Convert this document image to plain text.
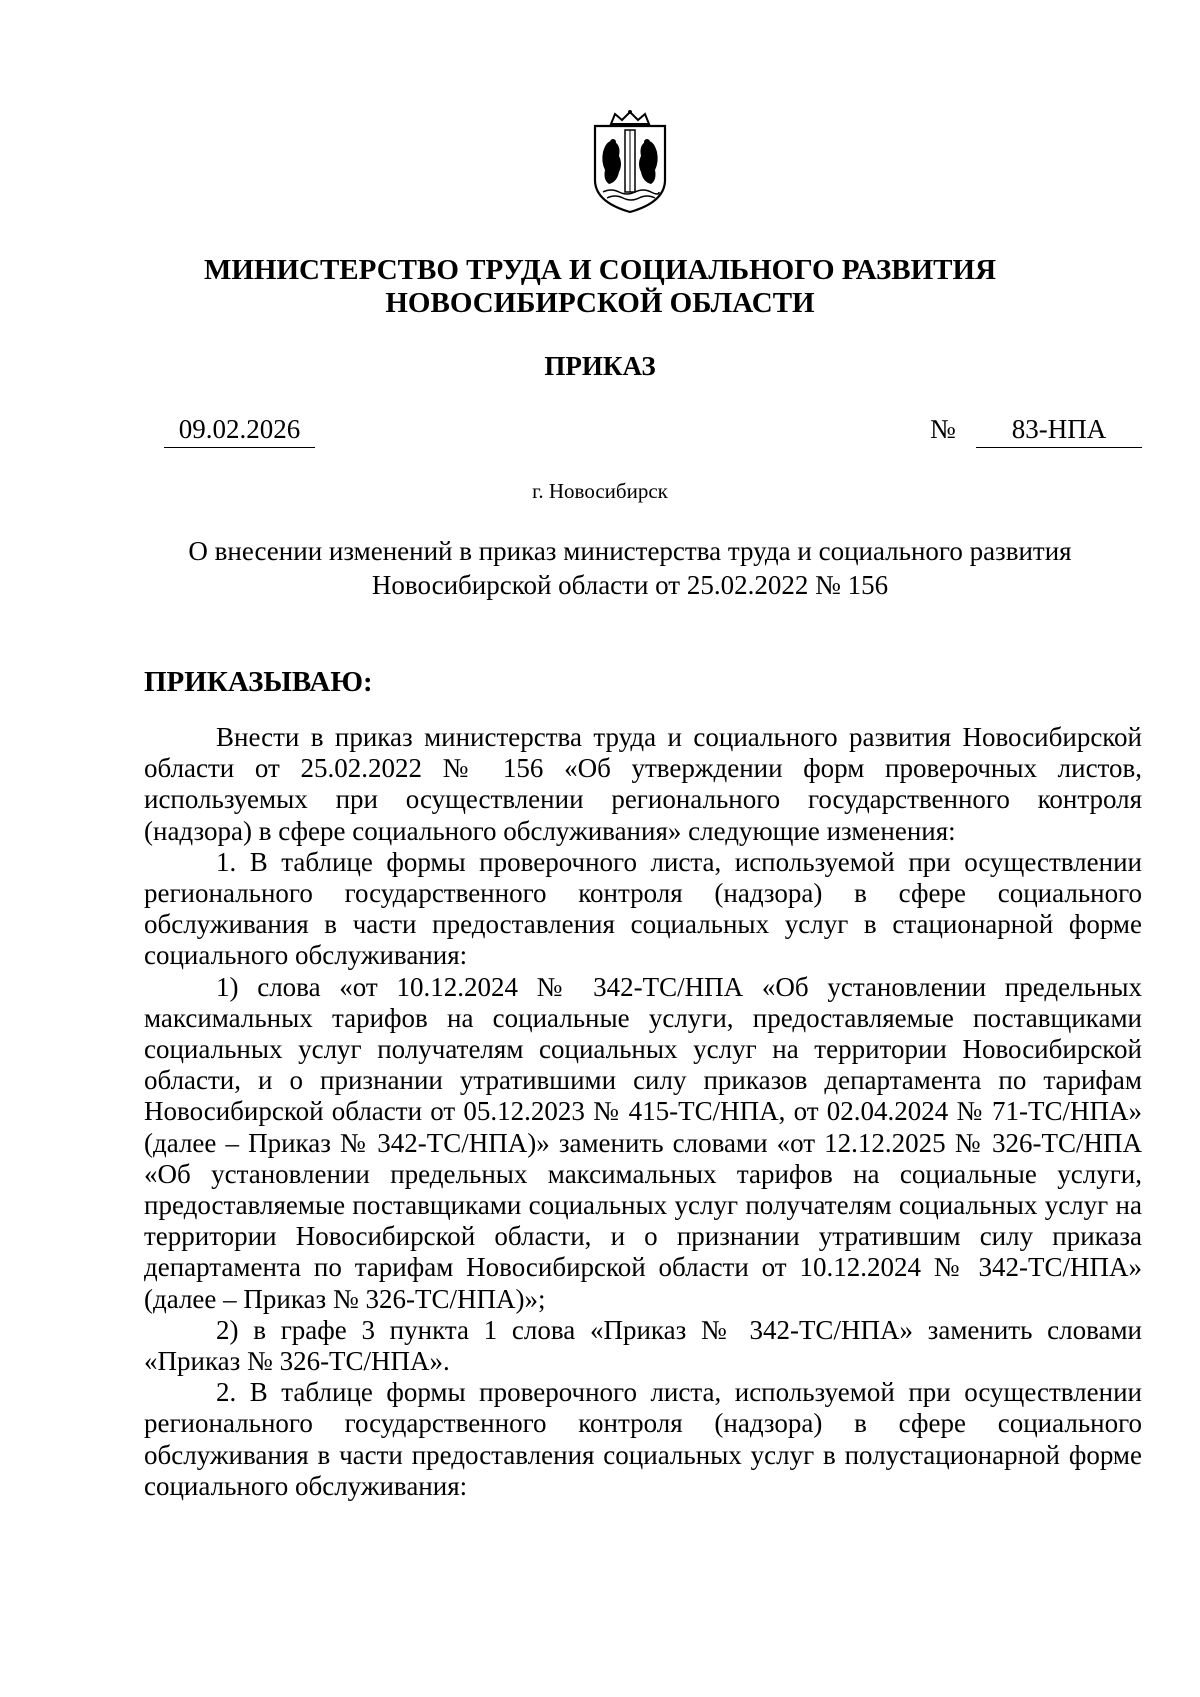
МИНИСТЕРСТВО ТРУДА И СОЦИАЛЬНОГО РАЗВИТИЯ
НОВОСИБИРСКОЙ ОБЛАСТИ
ПРИКАЗ
09.02.2026	№	83-НПА
г. Новосибирск
О внесении изменений в приказ министерства труда и социального развития
Новосибирской области от 25.02.2022 № 156
ПРИКАЗЫВАЮ:

Внести в приказ министерства труда и социального развития Новосибирской области от 25.02.2022 № 156 «Об утверждении форм проверочных листов, используемых при осуществлении регионального государственного контроля (надзора) в сфере социального обслуживания» следующие изменения:

1. В таблице формы проверочного листа, используемой при осуществлении регионального государственного контроля (надзора) в сфере социального обслуживания в части предоставления социальных услуг в стационарной форме социального обслуживания:

1) слова «от 10.12.2024 № 342-ТС/НПА «Об установлении предельных максимальных тарифов на социальные услуги, предоставляемые поставщиками социальных услуг получателям социальных услуг на территории Новосибирской области, и о признании утратившими силу приказов департамента по тарифам Новосибирской области от 05.12.2023 № 415-ТС/НПА, от 02.04.2024 № 71-ТС/НПА» (далее – Приказ № 342-ТС/НПА)» заменить словами «от 12.12.2025 № 326-ТС/НПА «Об установлении предельных максимальных тарифов на социальные услуги, предоставляемые поставщиками социальных услуг получателям социальных услуг на территории Новосибирской области, и о признании утратившим силу приказа департамента по тарифам Новосибирской области от 10.12.2024 № 342-ТС/НПА» (далее – Приказ № 326-ТС/НПА)»;

2) в графе 3 пункта 1 слова «Приказ № 342-ТС/НПА» заменить словами «Приказ № 326-ТС/НПА».

2. В таблице формы проверочного листа, используемой при осуществлении регионального государственного контроля (надзора) в сфере социального обслуживания в части предоставления социальных услуг в полустационарной форме социального обслуживания:
